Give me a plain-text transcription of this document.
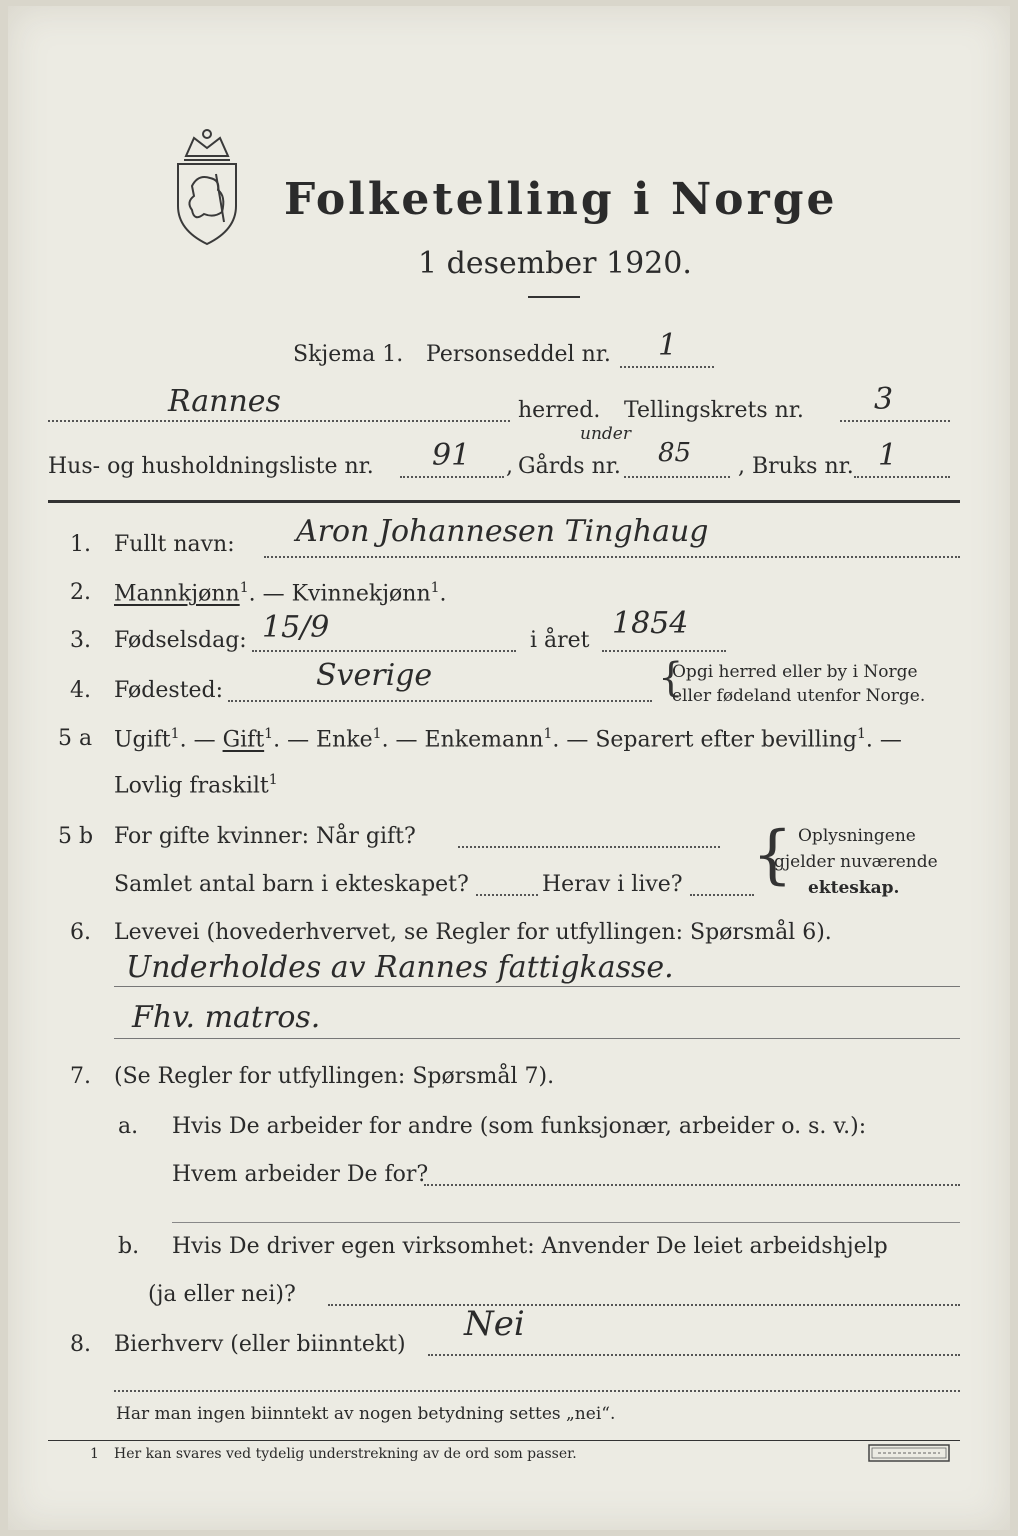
Folketelling i Norge
1 desember 1920.
Skjema 1. Personseddel nr. 1
Rannes	herred. Tellingskrets nr. 3
Hus- og husholdningsliste nr. 91 ,
under
Gårds nr. 85 , Bruks nr. 1
1. Fullt navn: Aron Johannesen Tinghaug
2. Mannkjønn$^1$. — Kvinnekjønn$^1$.
3. Fødselsdag: 15/9	i året 1854
4. Fødested:	Sverige	{
Opgi herred eller by i Norge
eller fødeland utenfor Norge.
5 a Ugift$^1$. — Gift$^1$. — Enke$^1$. — Enkemann$^1$. — Separert efter bevilling$^1$. —
Lovlig fraskilt$^1$
5 b For gifte kvinner: Når gift?
Samlet antal barn i ekteskapet?	Herav i live? { Oplysningene
gjelder nuværende
ekteskap.
6. Levevei (hovederhvervet, se Regler for utfyllingen: Spørsmål 6).
Underholdes av Rannes fattigkasse.
Fhv. matros.
7. (Se Regler for utfyllingen: Spørsmål 7).
a. Hvis De arbeider for andre (som funksjonær, arbeider o. s. v.):
Hvem arbeider De for?
b. Hvis De driver egen virksomhet: Anvender De leiet arbeidshjelp
(ja eller nei)?
8. Bierhverv (eller biinntekt)
Nei
Har man ingen biinntekt av nogen betydning settes „nei“.
1 Her kan svares ved tydelig understrekning av de ord som passer.
